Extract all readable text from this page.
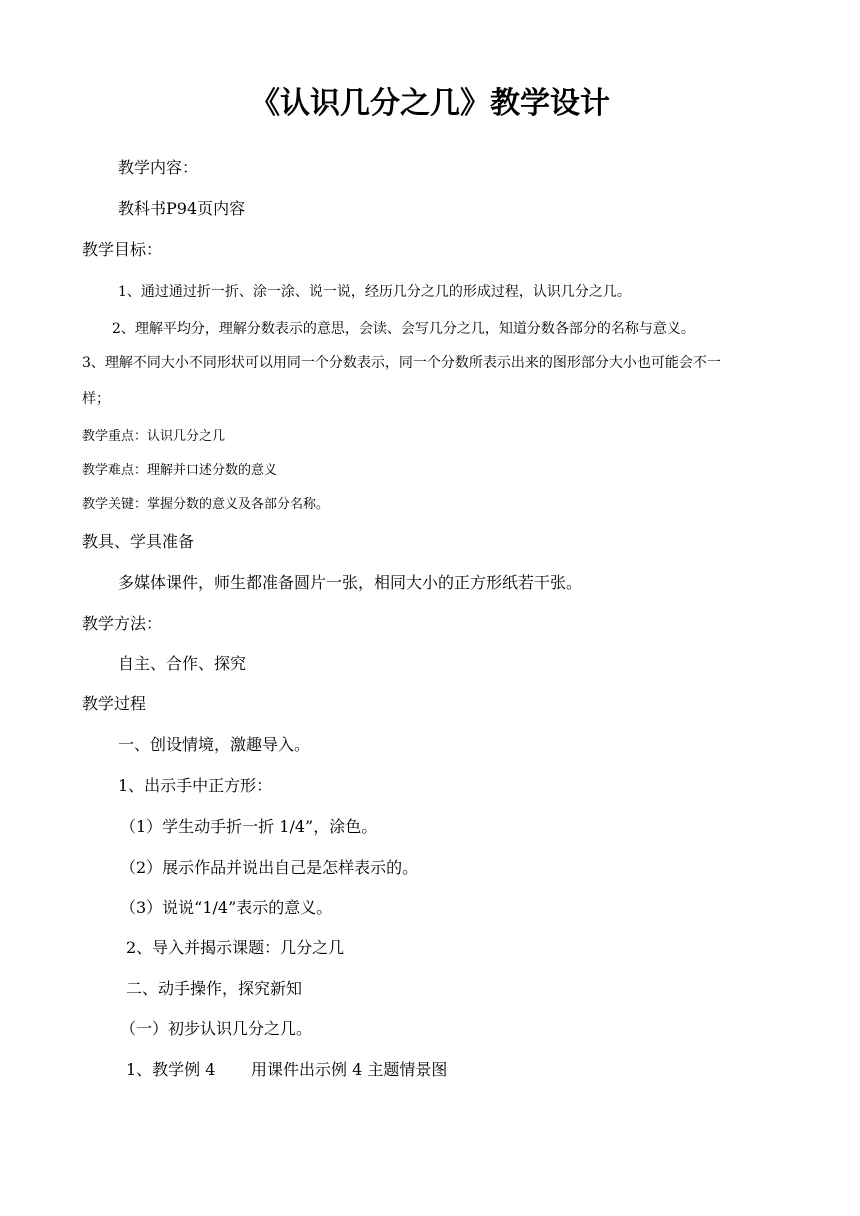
《认识几分之几》教学设计
教学内容：
教科书P94页内容
教学目标：
1、通过通过折一折、涂一涂、说一说，经历几分之几的形成过程，认识几分之几。
2、理解平均分，理解分数表示的意思，会读、会写几分之几，知道分数各部分的名称与意义。
3、理解不同大小不同形状可以用同一个分数表示，同一个分数所表示出来的图形部分大小也可能会不一
样；
教学重点：认识几分之几
教学难点：理解并口述分数的意义
教学关键：掌握分数的意义及各部分名称。
教具、学具准备
多媒体课件，师生都准备圆片一张，相同大小的正方形纸若干张。
教学方法：
自主、合作、探究
教学过程
一、创设情境，激趣导入。
1、出示手中正方形：
（1）学生动手折一折 1/4”，涂色。
（2）展示作品并说出自己是怎样表示的。
（3）说说“1/4”表示的意义。
2、导入并揭示课题：几分之几
二、动手操作，探究新知
（一）初步认识几分之几。
1、教学例 4       用课件出示例 4 主题情景图
